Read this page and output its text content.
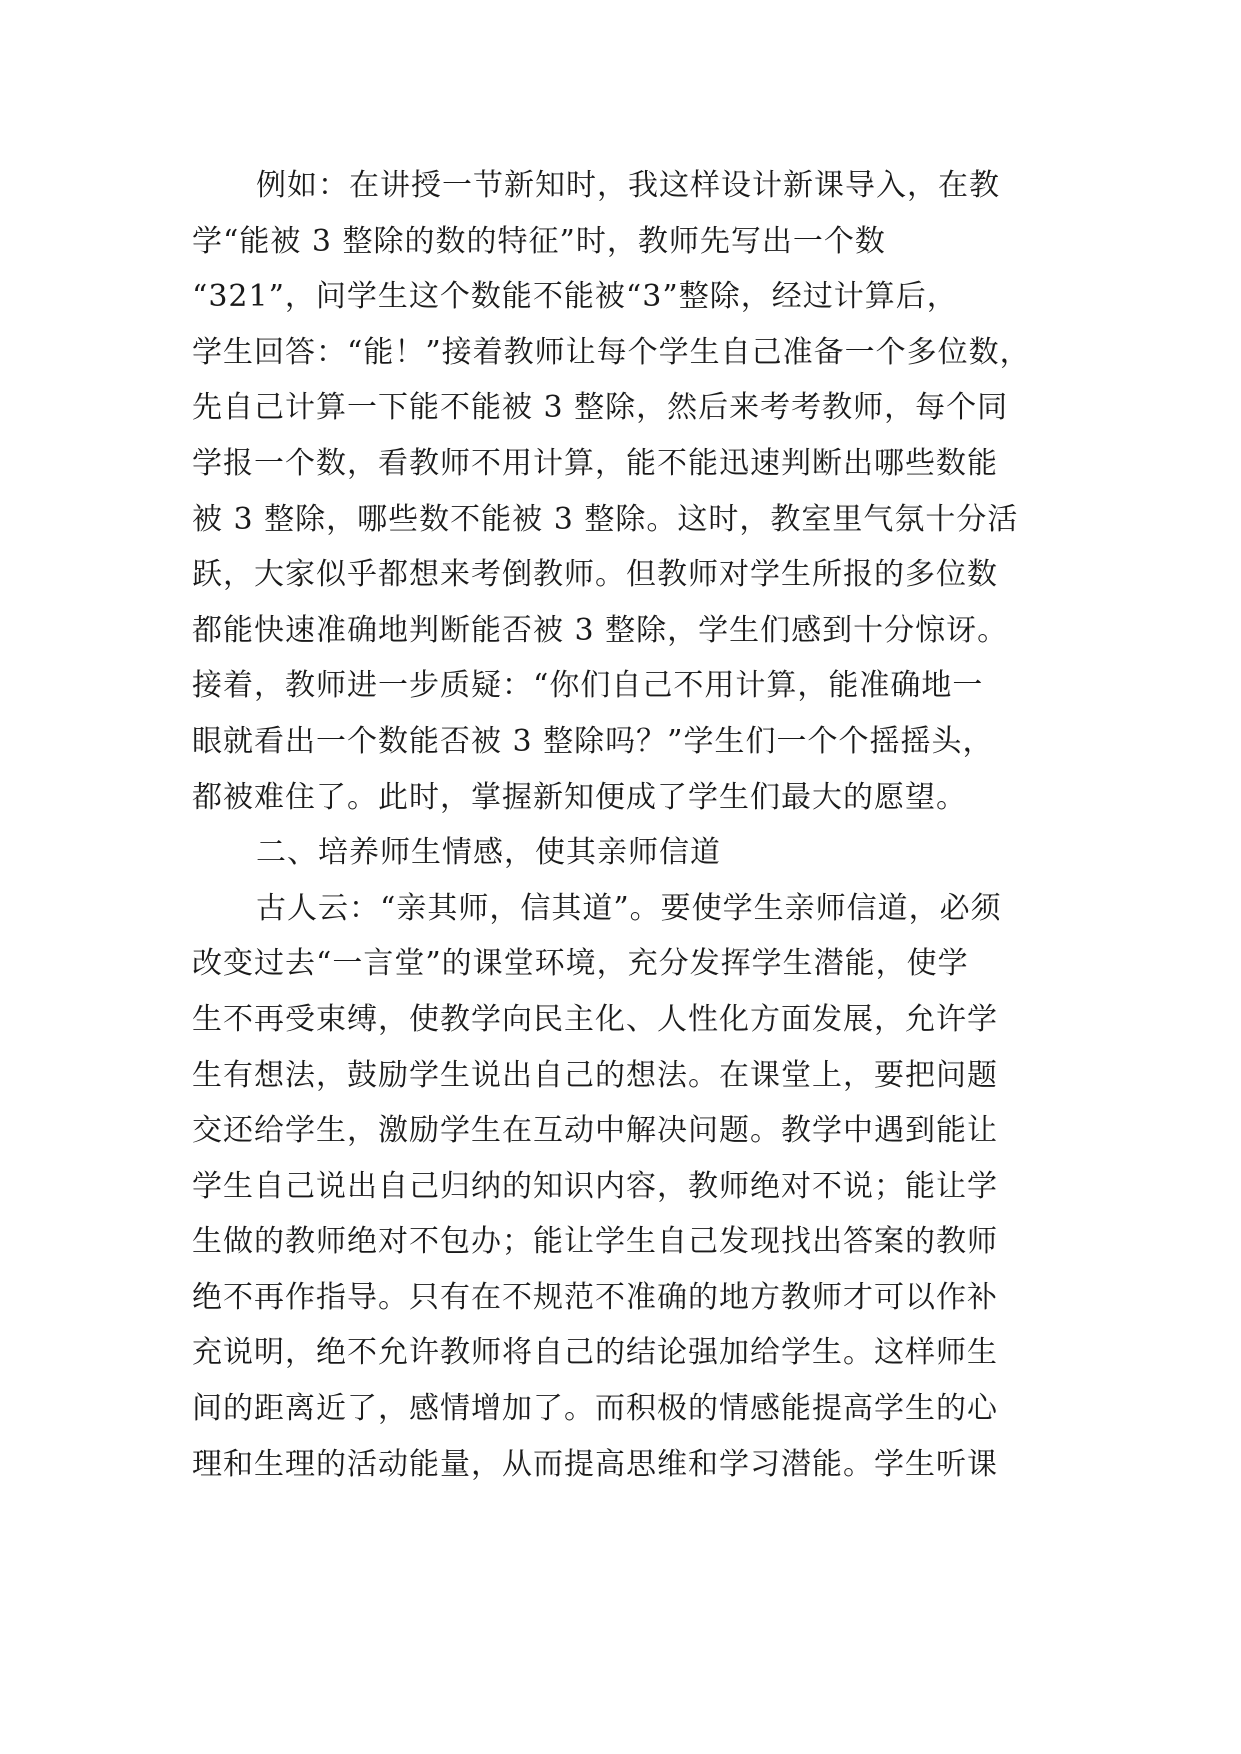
例如：在讲授一节新知时，我这样设计新课导入，在教
学“能被 3 整除的数的特征”时，教师先写出一个数
“321”，问学生这个数能不能被“3”整除，经过计算后，
学生回答：“能！”接着教师让每个学生自己准备一个多位数，
先自己计算一下能不能被 3 整除，然后来考考教师，每个同
学报一个数，看教师不用计算，能不能迅速判断出哪些数能
被 3 整除，哪些数不能被 3 整除。这时，教室里气氛十分活
跃，大家似乎都想来考倒教师。但教师对学生所报的多位数
都能快速准确地判断能否被 3 整除，学生们感到十分惊讶。
接着，教师进一步质疑：“你们自己不用计算，能准确地一
眼就看出一个数能否被 3 整除吗？”学生们一个个摇摇头，
都被难住了。此时，掌握新知便成了学生们最大的愿望。
二、培养师生情感，使其亲师信道
古人云：“亲其师，信其道”。要使学生亲师信道，必须
改变过去“一言堂”的课堂环境，充分发挥学生潜能，使学
生不再受束缚，使教学向民主化、人性化方面发展，允许学
生有想法，鼓励学生说出自己的想法。在课堂上，要把问题
交还给学生，激励学生在互动中解决问题。教学中遇到能让
学生自己说出自己归纳的知识内容，教师绝对不说；能让学
生做的教师绝对不包办；能让学生自己发现找出答案的教师
绝不再作指导。只有在不规范不准确的地方教师才可以作补
充说明，绝不允许教师将自己的结论强加给学生。这样师生
间的距离近了，感情增加了。而积极的情感能提高学生的心
理和生理的活动能量，从而提高思维和学习潜能。学生听课
